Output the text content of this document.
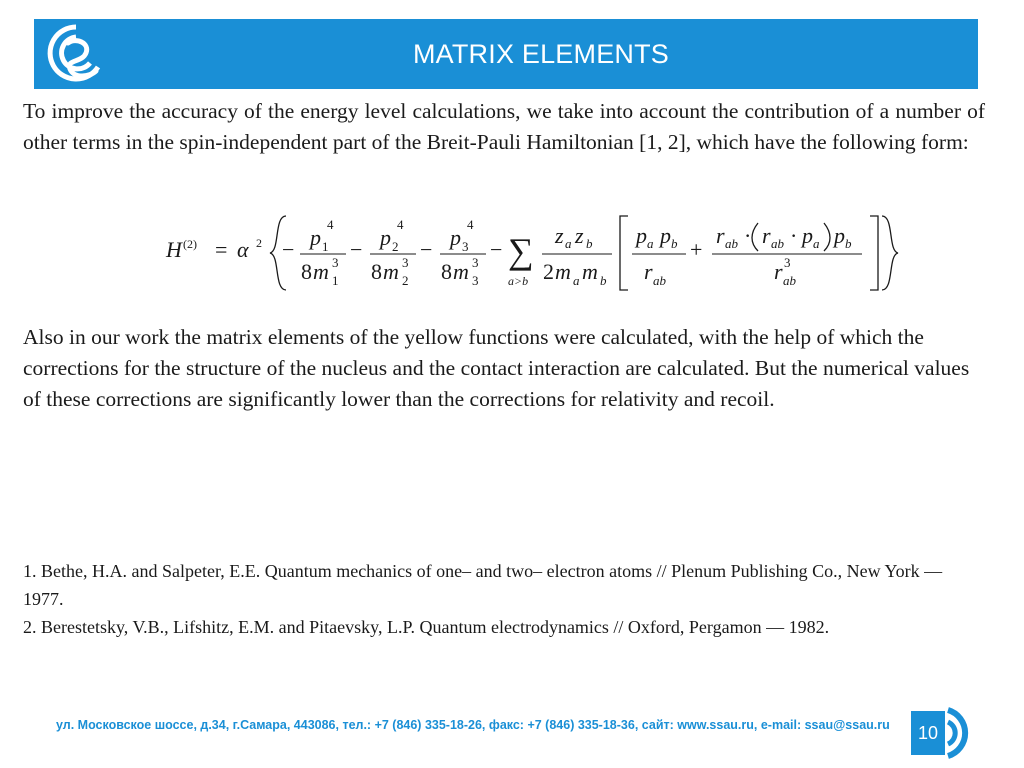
MATRIX ELEMENTS
To improve the accuracy of the energy level calculations, we take into account the contribution of a number of other terms in the spin-independent part of the Breit-Pauli Hamiltonian [1, 2], which have the following form:
H (2) = α 2 − p 1
4
8 m 1
3
− p 2
4
8 m 2
3
− p 3
4
8 m 3
3
− ∑
a>b
z a z b
2 m a m b
p a p b
r ab
+
r ab · r ab · p a p b
r ab
3
Also in our work the matrix elements of the yellow functions were calculated, with the help of which the corrections for the structure of the nucleus and the contact interaction are calculated. But the numerical values of these corrections are significantly lower than the corrections for relativity and recoil.
1. Bethe, H.A. and Salpeter, E.E. Quantum mechanics of one– and two– electron atoms // Plenum Publishing Co., New York — 1977.
2. Berestetsky, V.B., Lifshitz, E.M. and Pitaevsky, L.P. Quantum electrodynamics // Oxford, Pergamon — 1982.
ул. Московское шоссе, д.34, г.Самара, 443086, тел.: +7 (846) 335-18-26, факс: +7 (846) 335-18-36, сайт: www.ssau.ru, e-mail: ssau@ssau.ru	10
